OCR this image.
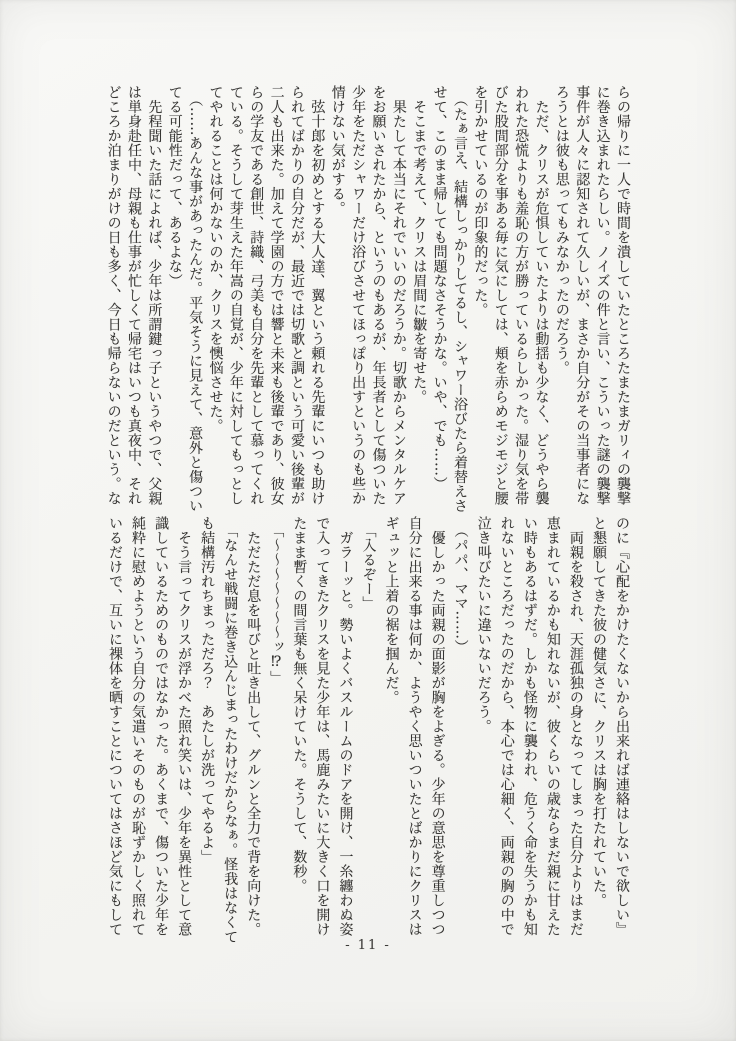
らの帰りに一人で時間を潰していたところたまたまガリィの襲撃
に巻き込まれたらしい。ノイズの件と言い、こういった謎の襲撃
事件が人々に認知されて久しいが、まさか自分がその当事者にな
ろうとは彼も思ってもみなかったのだろう。
　ただ、クリスが危惧していたよりは動揺も少なく、どうやら襲
われた恐慌よりも羞恥の方が勝っているらしかった。湿り気を帯
びた股間部分を事ある毎に気にしては、頬を赤らめモジモジと腰
を引かせているのが印象的だった。
　（たぁ言え、結構しっかりしてるし、シャワー浴びたら着替えさ
せて、このまま帰しても問題なさそうかな。いや、でも……）
　そこまで考えて、クリスは眉間に皺を寄せた。
　果たして本当にそれでいいのだろうか。切歌からメンタルケア
をお願いされたから、というのもあるが、年長者として傷ついた
少年をただシャワーだけ浴びさせてほっぽり出すというのも些か
情けない気がする。
　弦十郎を初めとする大人達、翼という頼れる先輩にいつも助け
られてばかりの自分だが、最近では切歌と調という可愛い後輩が
二人も出来た。加えて学園の方では響と未来も後輩であり、彼女
らの学友である創世、詩織、弓美も自分を先輩として慕ってくれ
ている。そうして芽生えた年嵩の自覚が、少年に対してもっとし
てやれることは何かないのか、クリスを懊悩させた。
　（……あんな事があったんだ。平気そうに見えて、意外と傷つい
てる可能性だって、あるよな）
　先程聞いた話によれば、少年は所謂鍵っ子というやつで、父親
は単身赴任中、母親も仕事が忙しくて帰宅はいつも真夜中、それ
どころか泊まりがけの日も多く、今日も帰らないのだという。な
のに『心配をかけたくないから出来れば連絡はしないで欲しい』
と懇願してきた彼の健気さに、クリスは胸を打たれていた。
　両親を殺され、天涯孤独の身となってしまった自分よりはまだ
恵まれているかも知れないが、彼くらいの歳ならまだ親に甘えた
い時もあるはずだ。しかも怪物に襲われ、危うく命を失うかも知
れないところだったのだから、本心では心細く、両親の胸の中で
泣き叫びたいに違いないだろう。
　（パパ、ママ……）
　優しかった両親の面影が胸をよぎる。少年の意思を尊重しつつ
自分に出来る事は何か、ようやく思いついたとばかりにクリスは
ギュッと上着の裾を掴んだ。
　「入るぞー」
　ガラーッと。勢いよくバスルームのドアを開け、一糸纏わぬ姿
で入ってきたクリスを見た少年は、馬鹿みたいに大きく口を開け
たまま暫くの間言葉も無く呆けていた。そうして、数秒。
　「～～～～～～～ッ⁉」
　ただただ息を叫びと吐き出して、グルンと全力で背を向けた。
　「なんせ戦闘に巻き込んじまったわけだからなぁ。怪我はなくて
も結構汚れちまっただろ？　あたしが洗ってやるよ」
　そう言ってクリスが浮かべた照れ笑いは、少年を異性として意
識しているためのものではなかった。あくまで、傷ついた少年を
純粋に慰めようという自分の気遣いそのものが恥ずかしく照れて
いるだけで、互いに裸体を晒すことについてはさほど気にもして
- 11 -
